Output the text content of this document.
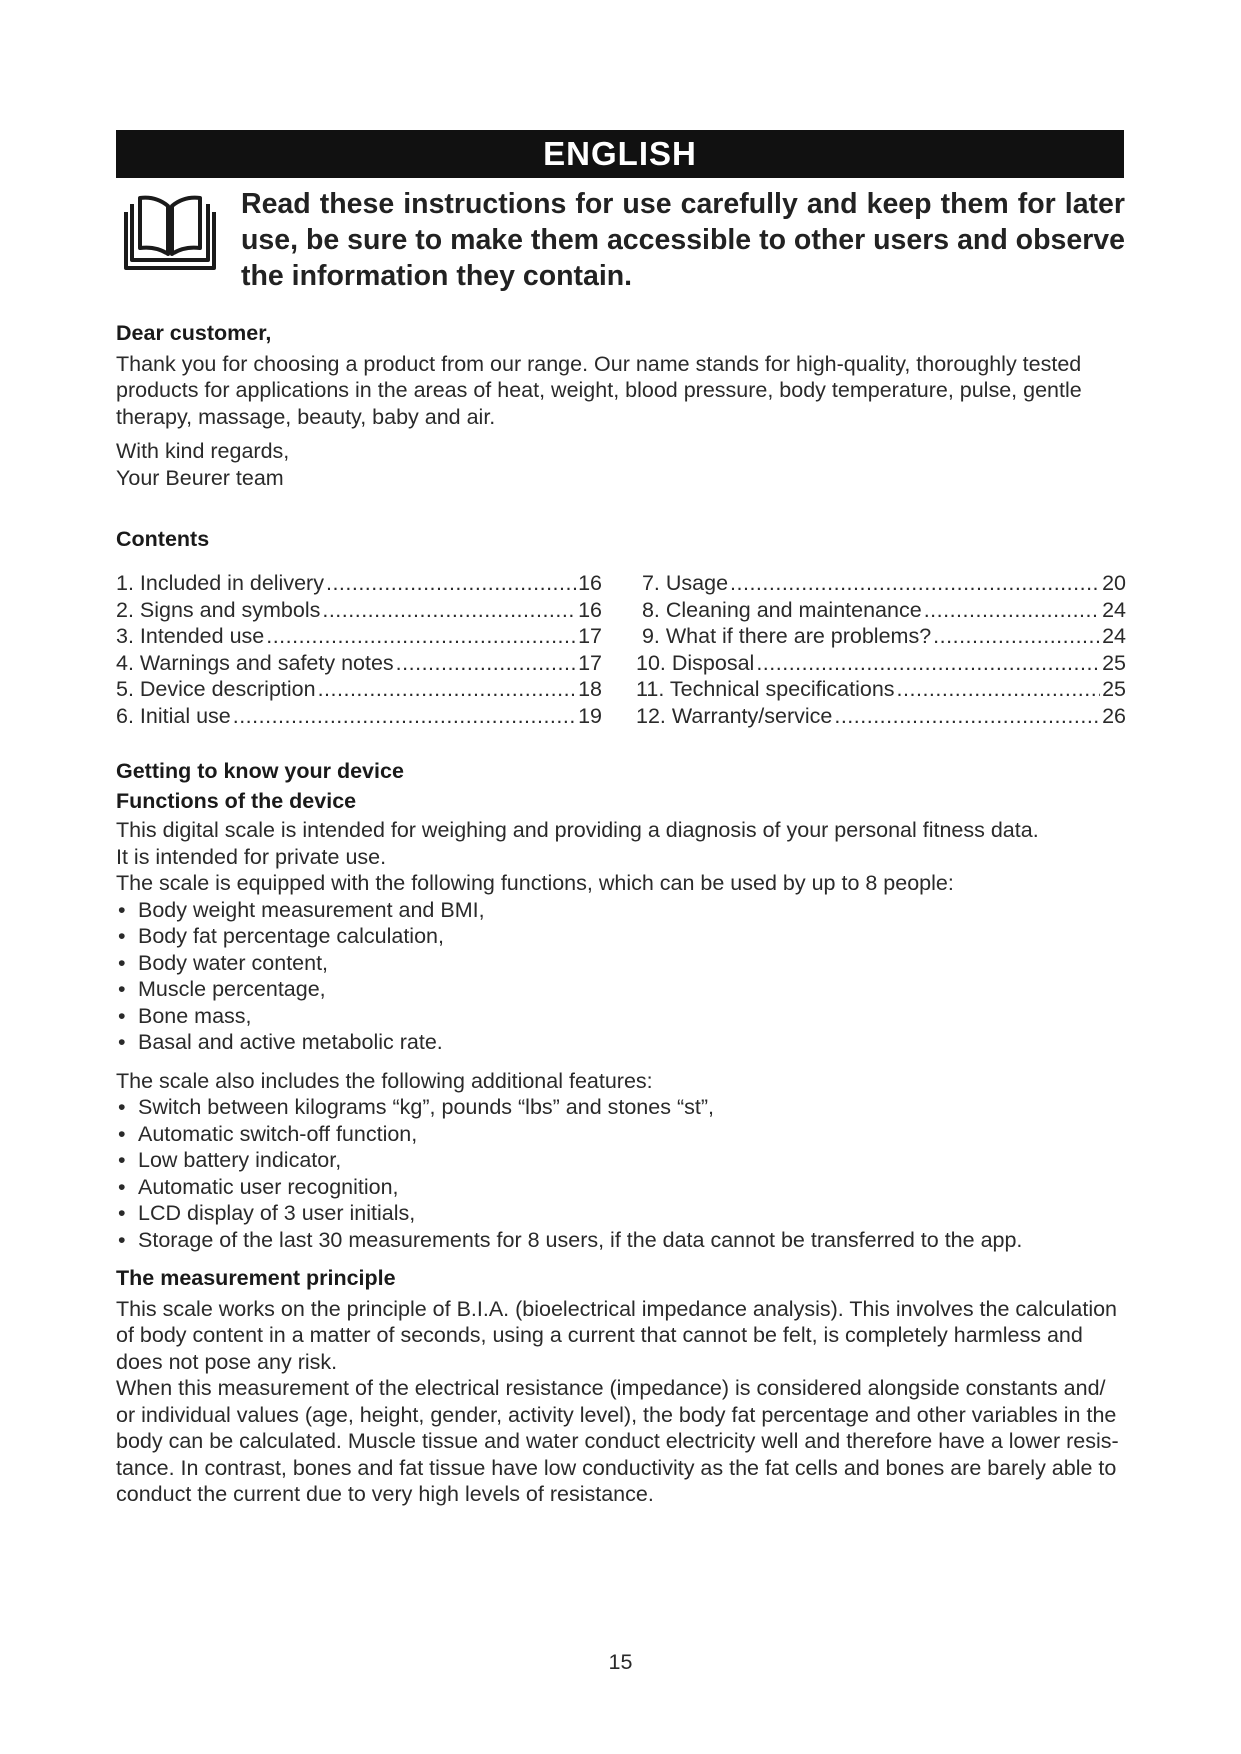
ENGLISH
Read these instructions for use carefully and keep them for later use, be sure to make them accessible to other users and observe the information they contain.

Dear customer,

Thank you for choosing a product from our range. Our name stands for high-quality, thoroughly tested products for applications in the areas of heat, weight, blood pressure, body temperature, pulse, gentle therapy, massage, beauty, baby and air.

With kind regards,

Your Beurer team

Contents

1. Included in delivery .....	16
2. Signs and symbols .....	16
3. Intended use .....	17
4. Warnings and safety notes .....	17
5. Device description .....	18
6. Initial use .....	19
7. Usage .....	20
8. Cleaning and maintenance .....	24
9. What if there are problems? .....	24
10. Disposal .....	25
11. Technical specifications .....	25
12. Warranty/service .....	26

Getting to know your device

Functions of the device

This digital scale is intended for weighing and providing a diagnosis of your personal fitness data.

It is intended for private use.

The scale is equipped with the following functions, which can be used by up to 8 people:

• Body weight measurement and BMI,
• Body fat percentage calculation,
• Body water content,
• Muscle percentage,
• Bone mass,
• Basal and active metabolic rate.

The scale also includes the following additional features:

• Switch between kilograms “kg”, pounds “lbs” and stones “st”,
• Automatic switch-off function,
• Low battery indicator,
• Automatic user recognition,
• LCD display of 3 user initials,
• Storage of the last 30 measurements for 8 users, if the data cannot be transferred to the app.

The measurement principle

This scale works on the principle of B.I.A. (bioelectrical impedance analysis). This involves the calculation of body content in a matter of seconds, using a current that cannot be felt, is completely harmless and does not pose any risk.

When this measurement of the electrical resistance (impedance) is considered alongside constants and/ or individual values (age, height, gender, activity level), the body fat percentage and other variables in the body can be calculated. Muscle tissue and water conduct electricity well and therefore have a lower resistance. In contrast, bones and fat tissue have low conductivity as the fat cells and bones are barely able to conduct the current due to very high levels of resistance.

15
